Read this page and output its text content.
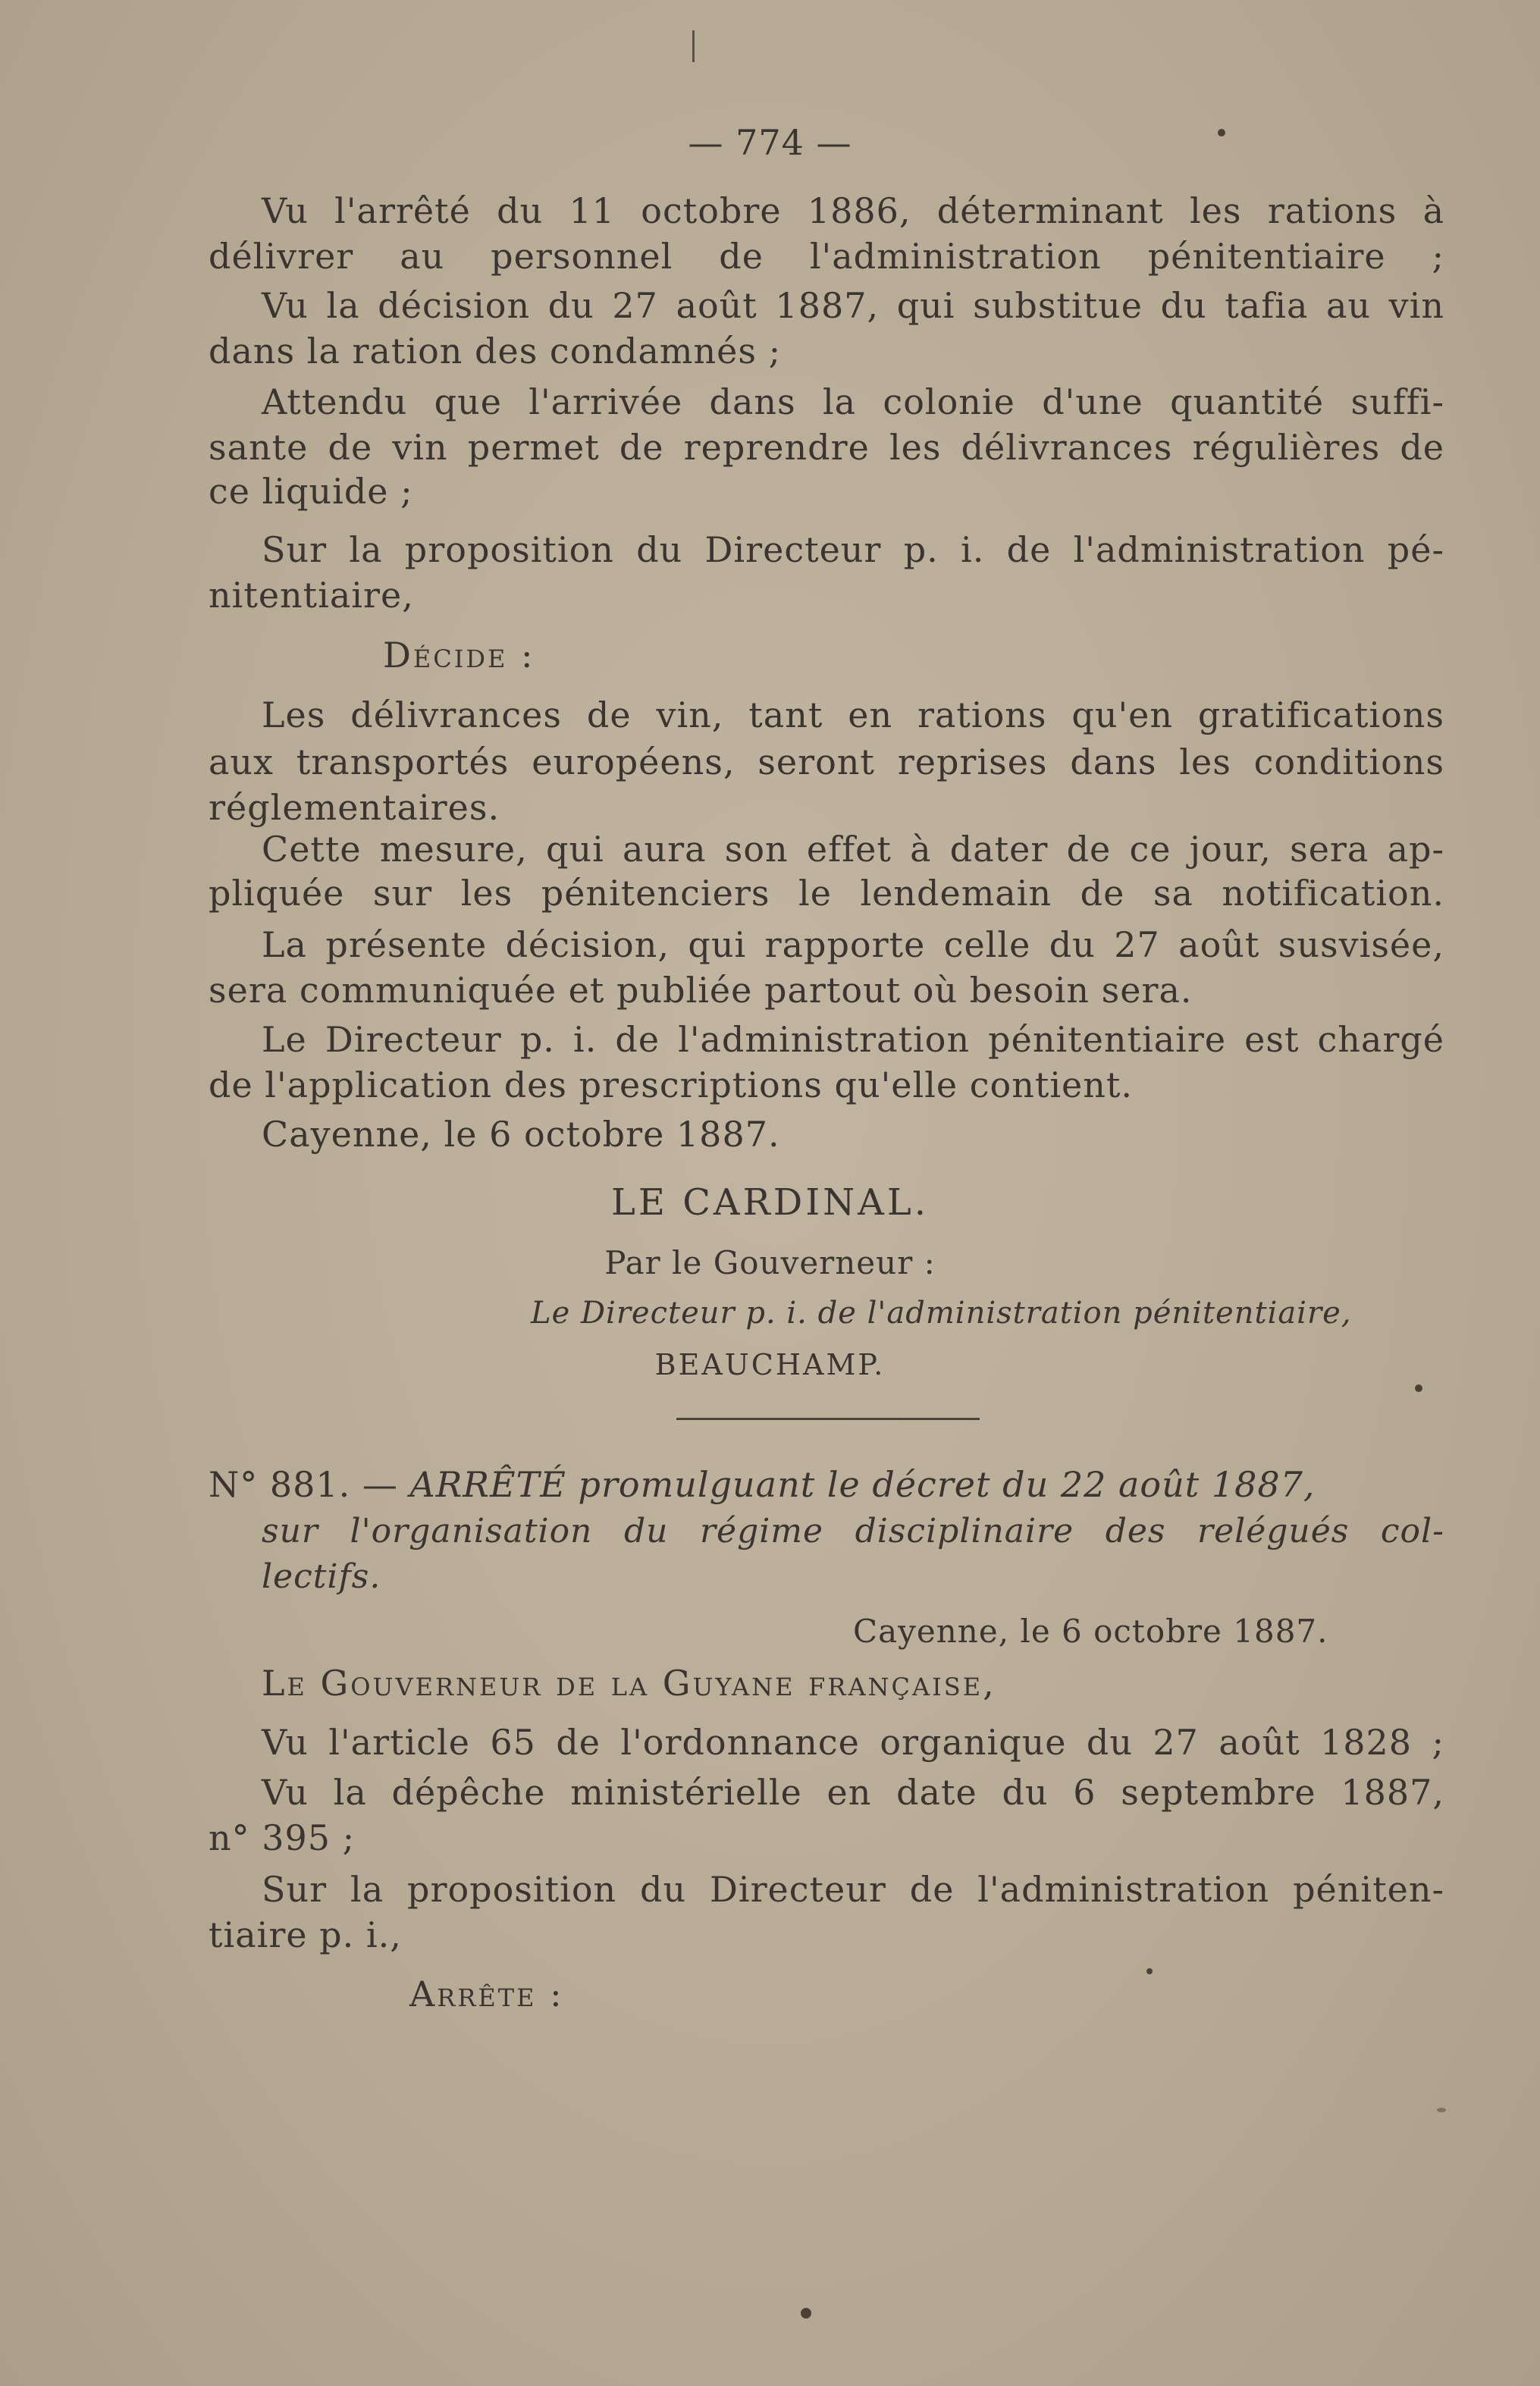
— 774 —
Vu l'arrêté du 11 octobre 1886, déterminant les rations à
délivrer au personnel de l'administration pénitentiaire ;
Vu la décision du 27 août 1887, qui substitue du tafia au vin
dans la ration des condamnés ;
Attendu que l'arrivée dans la colonie d'une quantité suffi-
sante de vin permet de reprendre les délivrances régulières de
ce liquide ;
Sur la proposition du Directeur p. i. de l'administration pé-
nitentiaire,
Décide :
Les délivrances de vin, tant en rations qu'en gratifications
aux transportés européens, seront reprises dans les conditions
réglementaires.
Cette mesure, qui aura son effet à dater de ce jour, sera ap-
pliquée sur les pénitenciers le lendemain de sa notification.
La présente décision, qui rapporte celle du 27 août susvisée,
sera communiquée et publiée partout où besoin sera.
Le Directeur p. i. de l'administration pénitentiaire est chargé
de l'application des prescriptions qu'elle contient.
Cayenne, le 6 octobre 1887.
LE CARDINAL.
Par le Gouverneur :
Le Directeur p. i. de l'administration pénitentiaire,
BEAUCHAMP.
N° 881. — ARRÊTÉ promulguant le décret du 22 août 1887,
sur l'organisation du régime disciplinaire des relégués col-
lectifs.
Cayenne, le 6 octobre 1887.
Le Gouverneur de la Guyane française,
Vu l'article 65 de l'ordonnance organique du 27 août 1828 ;
Vu la dépêche ministérielle en date du 6 septembre 1887,
n° 395 ;
Sur la proposition du Directeur de l'administration péniten-
tiaire p. i.,
Arrête :
